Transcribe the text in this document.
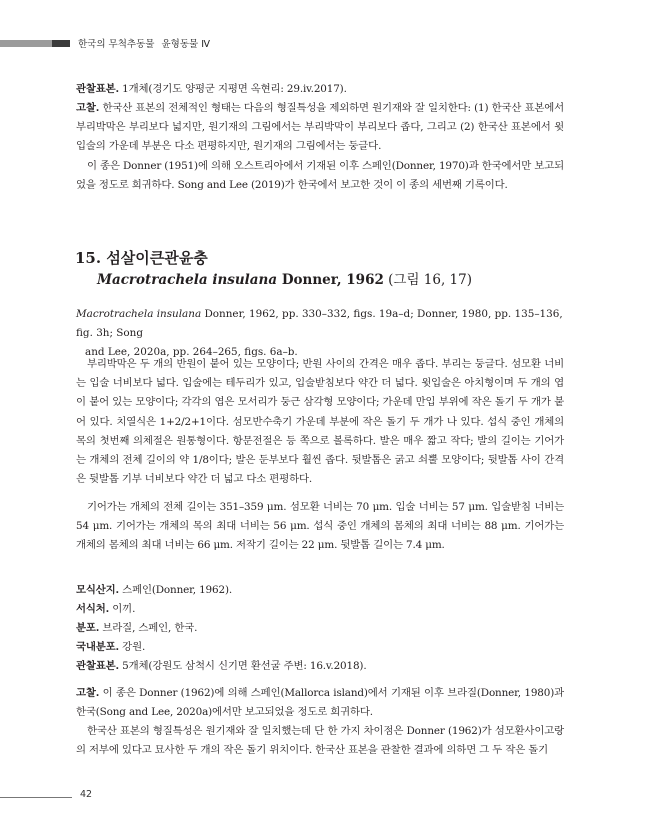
한국의 무척추동물 윤형동물 Ⅳ
관찰표본. 1개체(경기도 양평군 지평면 옥현리: 29.iv.2017).
고찰. 한국산 표본의 전체적인 형태는 다음의 형질특성을 제외하면 원기재와 잘 일치한다: (1) 한국산 표본에서 부리박막은 부리보다 넓지만, 원기재의 그림에서는 부리박막이 부리보다 좁다, 그리고 (2) 한국산 표본에서 윗입술의 가운데 부분은 다소 편평하지만, 원기재의 그림에서는 둥글다.
이 종은 Donner (1951)에 의해 오스트리아에서 기재된 이후 스페인(Donner, 1970)과 한국에서만 보고되었을 정도로 희귀하다. Song and Lee (2019)가 한국에서 보고한 것이 이 종의 세번째 기록이다.
15. 섬살이큰관윤충
Macrotrachela insulana Donner, 1962 (그림 16, 17)
Macrotrachela insulana Donner, 1962, pp. 330–332, figs. 19a–d; Donner, 1980, pp. 135–136, fig. 3h; Song
and Lee, 2020a, pp. 264–265, figs. 6a–b.
부리박막은 두 개의 반원이 붙어 있는 모양이다; 반원 사이의 간격은 매우 좁다. 부리는 둥글다. 섬모환 너비는 입술 너비보다 넓다. 입술에는 테두리가 있고, 입술받침보다 약간 더 넓다. 윗입술은 아치형이며 두 개의 엽이 붙어 있는 모양이다; 각각의 엽은 모서리가 둥근 삼각형 모양이다; 가운데 만입 부위에 작은 돌기 두 개가 붙어 있다. 치열식은 1+2/2+1이다. 섬모반수축기 가운데 부분에 작은 돌기 두 개가 나 있다. 섭식 중인 개체의 목의 첫번째 의체절은 원통형이다. 항문전절은 등 쪽으로 볼록하다. 발은 매우 짧고 작다; 발의 길이는 기어가는 개체의 전체 길이의 약 1/8이다; 발은 둔부보다 훨씬 좁다. 뒷발톱은 굵고 쇠뿔 모양이다; 뒷발톱 사이 간격은 뒷발톱 기부 너비보다 약간 더 넓고 다소 편평하다.
기어가는 개체의 전체 길이는 351–359 μm. 섬모환 너비는 70 μm. 입술 너비는 57 μm. 입술받침 너비는 54 μm. 기어가는 개체의 목의 최대 너비는 56 μm. 섭식 중인 개체의 몸체의 최대 너비는 88 μm. 기어가는 개체의 몸체의 최대 너비는 66 μm. 저작기 길이는 22 μm. 뒷발톱 길이는 7.4 μm.
모식산지. 스페인(Donner, 1962).
서식처. 이끼.
분포. 브라질, 스페인, 한국.
국내분포. 강원.
관찰표본. 5개체(강원도 삼척시 신기면 환선굴 주변: 16.v.2018).
고찰. 이 종은 Donner (1962)에 의해 스페인(Mallorca island)에서 기재된 이후 브라질(Donner, 1980)과 한국(Song and Lee, 2020a)에서만 보고되었을 정도로 희귀하다.
한국산 표본의 형질특성은 원기재와 잘 일치했는데 단 한 가지 차이점은 Donner (1962)가 섬모환사이고랑의 저부에 있다고 묘사한 두 개의 작은 돌기 위치이다. 한국산 표본을 관찰한 결과에 의하면 그 두 작은 돌기
42
